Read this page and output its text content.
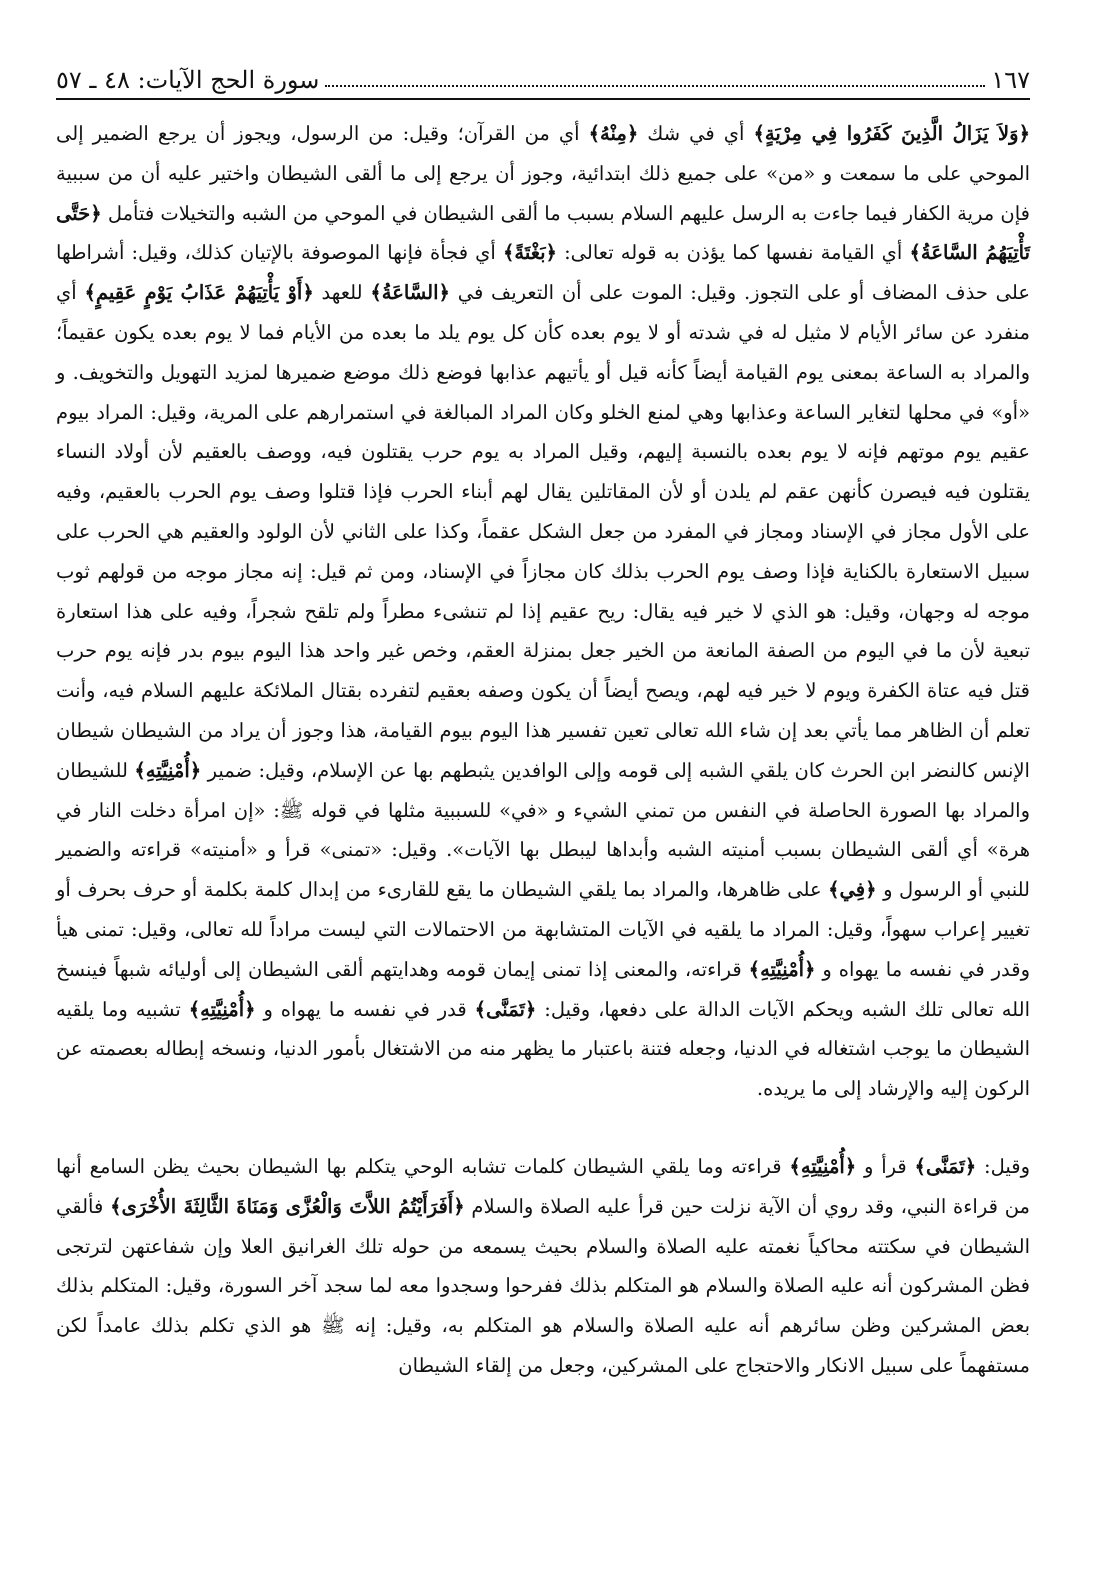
سورة الحج الآيات: ٤٨ ـ ٥٧	١٦٧

﴿وَلاَ يَزَالُ الَّذِينَ كَفَرُوا فِي مِرْيَةٍ﴾ أي في شك ﴿مِنْهُ﴾ أي من القرآن؛ وقيل: من الرسول، ويجوز أن يرجع الضمير إلى الموحي على ما سمعت و «من» على جميع ذلك ابتدائية، وجوز أن يرجع إلى ما ألقى الشيطان واختير عليه أن من سببية فإن مرية الكفار فيما جاءت به الرسل عليهم السلام بسبب ما ألقى الشيطان في الموحي من الشبه والتخيلات فتأمل ﴿حَتَّى تَأْتِيَهُمُ السَّاعَةُ﴾ أي القيامة نفسها كما يؤذن به قوله تعالى: ﴿بَغْتَةً﴾ أي فجأة فإنها الموصوفة بالإتيان كذلك، وقيل: أشراطها على حذف المضاف أو على التجوز. وقيل: الموت على أن التعريف في ﴿السَّاعَةُ﴾ للعهد ﴿أَوْ يَأْتِيَهُمْ عَذَابُ يَوْمٍ عَقِيمٍ﴾ أي منفرد عن سائر الأيام لا مثيل له في شدته أو لا يوم بعده كأن كل يوم يلد ما بعده من الأيام فما لا يوم بعده يكون عقيماً؛ والمراد به الساعة بمعنى يوم القيامة أيضاً كأنه قيل أو يأتيهم عذابها فوضع ذلك موضع ضميرها لمزيد التهويل والتخويف. و «أو» في محلها لتغاير الساعة وعذابها وهي لمنع الخلو وكان المراد المبالغة في استمرارهم على المرية، وقيل: المراد بيوم عقيم يوم موتهم فإنه لا يوم بعده بالنسبة إليهم، وقيل المراد به يوم حرب يقتلون فيه، ووصف بالعقيم لأن أولاد النساء يقتلون فيه فيصرن كأنهن عقم لم يلدن أو لأن المقاتلين يقال لهم أبناء الحرب فإذا قتلوا وصف يوم الحرب بالعقيم، وفيه على الأول مجاز في الإسناد ومجاز في المفرد من جعل الشكل عقماً، وكذا على الثاني لأن الولود والعقيم هي الحرب على سبيل الاستعارة بالكناية فإذا وصف يوم الحرب بذلك كان مجازاً في الإسناد، ومن ثم قيل: إنه مجاز موجه من قولهم ثوب موجه له وجهان، وقيل: هو الذي لا خير فيه يقال: ريح عقيم إذا لم تنشىء مطراً ولم تلقح شجراً، وفيه على هذا استعارة تبعية لأن ما في اليوم من الصفة المانعة من الخير جعل بمنزلة العقم، وخص غير واحد هذا اليوم بيوم بدر فإنه يوم حرب قتل فيه عتاة الكفرة ويوم لا خير فيه لهم، ويصح أيضاً أن يكون وصفه بعقيم لتفرده بقتال الملائكة عليهم السلام فيه، وأنت تعلم أن الظاهر مما يأتي بعد إن شاء الله تعالى تعين تفسير هذا اليوم بيوم القيامة، هذا وجوز أن يراد من الشيطان شيطان الإنس كالنضر ابن الحرث كان يلقي الشبه إلى قومه وإلى الوافدين يثبطهم بها عن الإسلام، وقيل: ضمير ﴿أُمْنِيَّتِهِ﴾ للشيطان والمراد بها الصورة الحاصلة في النفس من تمني الشيء و «في» للسببية مثلها في قوله ﷺ: «إن امرأة دخلت النار في هرة» أي ألقى الشيطان بسبب أمنيته الشبه وأبداها ليبطل بها الآيات». وقيل: «تمنى» قرأ و «أمنيته» قراءته والضمير للنبي أو الرسول و ﴿فِي﴾ على ظاهرها، والمراد بما يلقي الشيطان ما يقع للقارىء من إبدال كلمة بكلمة أو حرف بحرف أو تغيير إعراب سهواً، وقيل: المراد ما يلقيه في الآيات المتشابهة من الاحتمالات التي ليست مراداً لله تعالى، وقيل: تمنى هيأ وقدر في نفسه ما يهواه و ﴿أُمْنِيَّتِهِ﴾ قراءته، والمعنى إذا تمنى إيمان قومه وهدايتهم ألقى الشيطان إلى أوليائه شبهاً فينسخ الله تعالى تلك الشبه ويحكم الآيات الدالة على دفعها، وقيل: ﴿تَمَنَّى﴾ قدر في نفسه ما يهواه و ﴿أُمْنِيَّتِهِ﴾ تشبيه وما يلقيه الشيطان ما يوجب اشتغاله في الدنيا، وجعله فتنة باعتبار ما يظهر منه من الاشتغال بأمور الدنيا، ونسخه إبطاله بعصمته عن الركون إليه والإرشاد إلى ما يريده.

وقيل: ﴿تَمَنَّى﴾ قرأ و ﴿أُمْنِيَّتِهِ﴾ قراءته وما يلقي الشيطان كلمات تشابه الوحي يتكلم بها الشيطان بحيث يظن السامع أنها من قراءة النبي، وقد روي أن الآية نزلت حين قرأ عليه الصلاة والسلام ﴿أَفَرَأَيْتُمُ اللاَّتَ وَالْعُزَّى وَمَنَاةَ الثَّالِثَةَ الأُخْرَى﴾ فألقي الشيطان في سكتته محاكياً نغمته عليه الصلاة والسلام بحيث يسمعه من حوله تلك الغرانيق العلا وإن شفاعتهن لترتجى فظن المشركون أنه عليه الصلاة والسلام هو المتكلم بذلك ففرحوا وسجدوا معه لما سجد آخر السورة، وقيل: المتكلم بذلك بعض المشركين وظن سائرهم أنه عليه الصلاة والسلام هو المتكلم به، وقيل: إنه ﷺ هو الذي تكلم بذلك عامداً لكن مستفهماً على سبيل الانكار والاحتجاج على المشركين، وجعل من إلقاء الشيطان
